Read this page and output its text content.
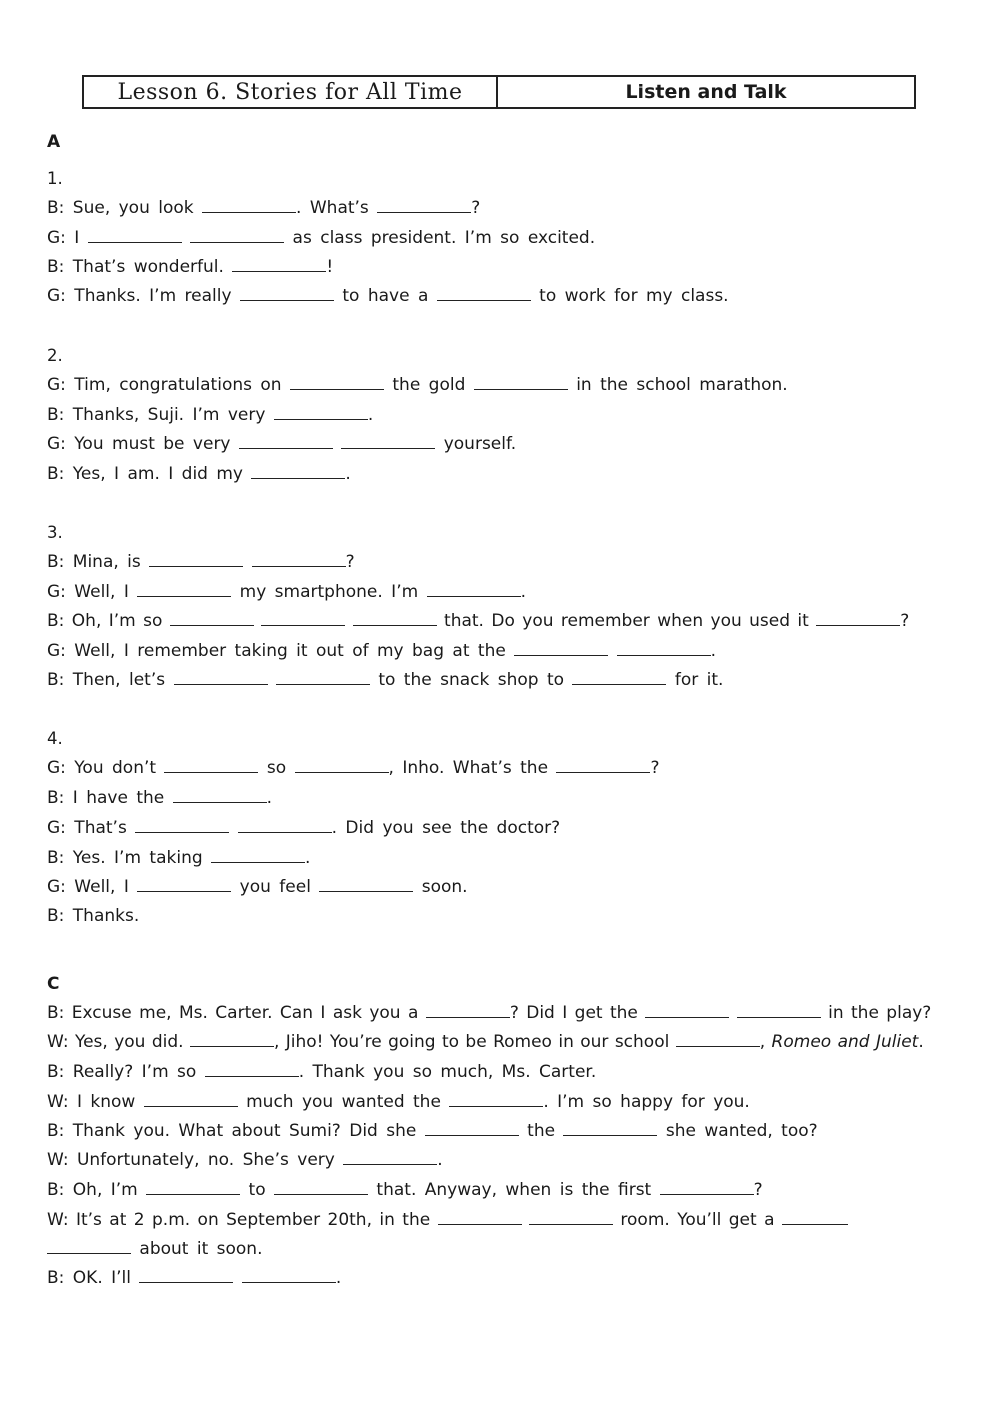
Lesson 6. Stories for All Time	Listen and Talk
A
1.
B: Sue, you look	. What’s	?
G: I	as class president. I’m so excited.
B: That’s wonderful.	!
G: Thanks. I’m really	to have a	to work for my class.
2.
G: Tim, congratulations on	the gold	in the school marathon.
B: Thanks, Suji. I’m very	.
G: You must be very	yourself.
B: Yes, I am. I did my	.
3.
B: Mina, is	?
G: Well, I	my smartphone. I’m	.
B: Oh, I’m so	that. Do you remember when you used it	?
G: Well, I remember taking it out of my bag at the	.
B: Then, let’s	to the snack shop to	for it.
4.
G: You don’t	so	, Inho. What’s the	?
B: I have the	.
G: That’s	. Did you see the doctor?
B: Yes. I’m taking	.
G: Well, I	you feel	soon.
B: Thanks.
C
B: Excuse me, Ms. Carter. Can I ask you a	? Did I get the	in the play?
W: Yes, you did.	, Jiho! You’re going to be Romeo in our school	, Romeo and Juliet.
B: Really? I’m so	. Thank you so much, Ms. Carter.
W: I know	much you wanted the	. I’m so happy for you.
B: Thank you. What about Sumi? Did she	the	she wanted, too?
W: Unfortunately, no. She’s very	.
B: Oh, I’m	to	that. Anyway, when is the first	?
W: It’s at 2 p.m. on September 20th, in the	room. You’ll get a
about it soon.
B: OK. I’ll	.
